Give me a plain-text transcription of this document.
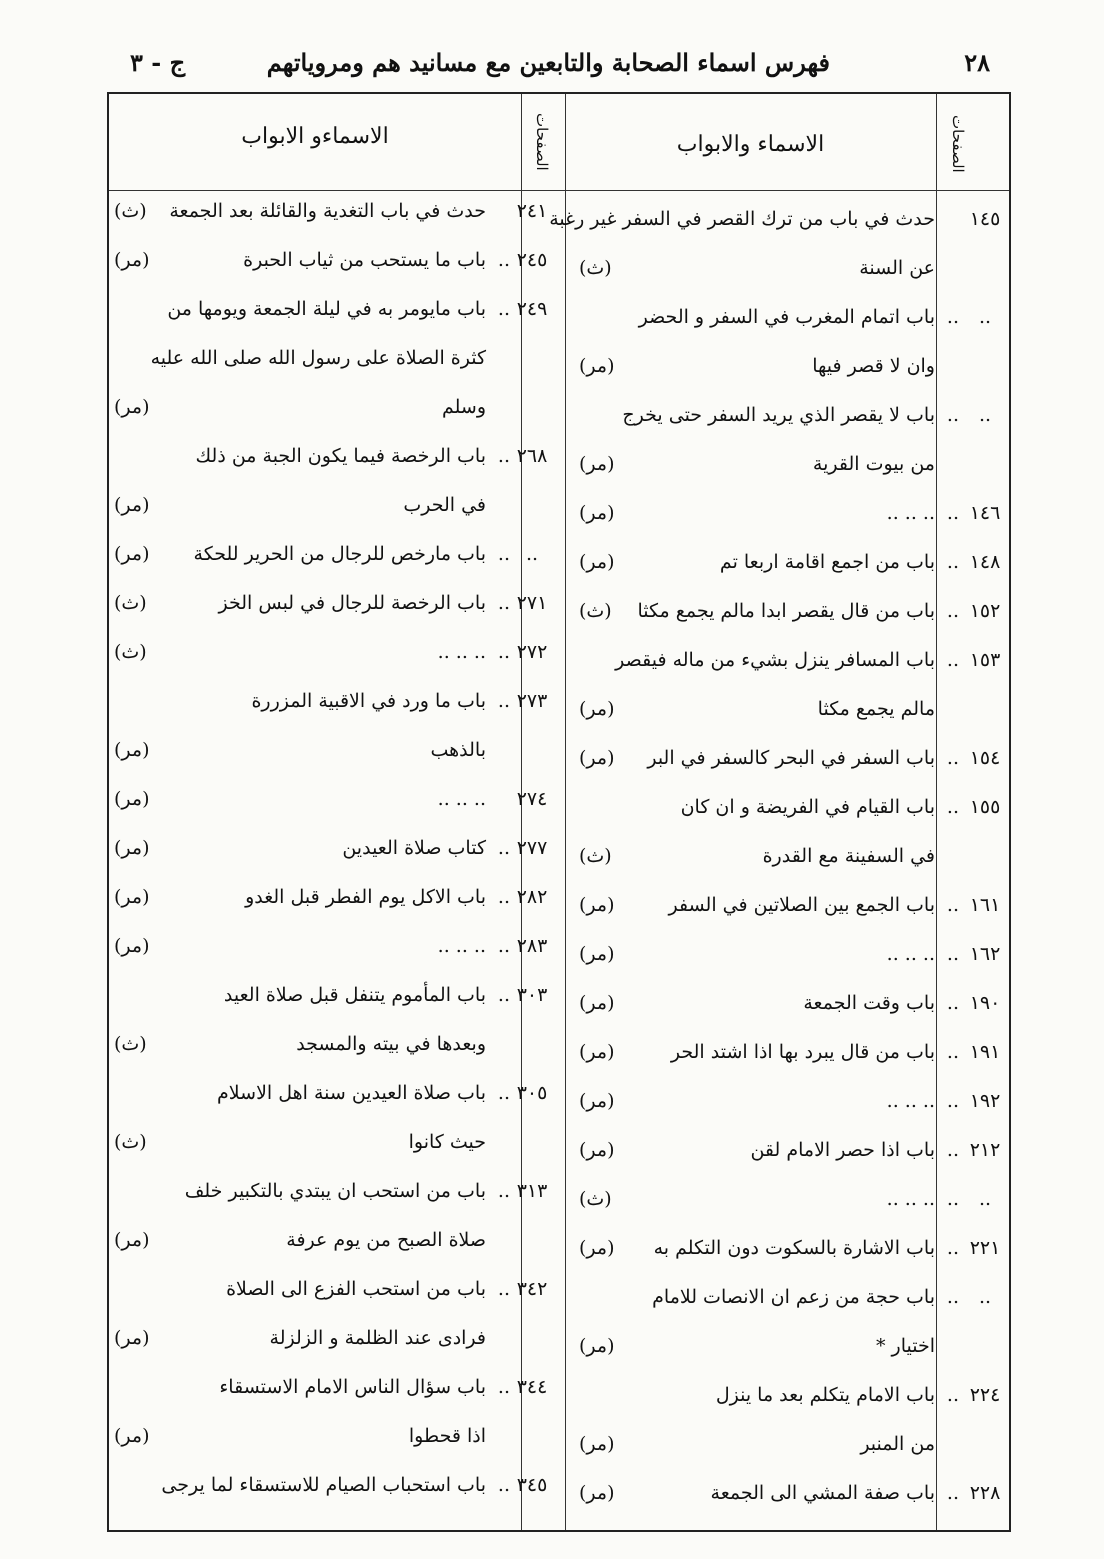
٢٨
فهرس اسماء الصحابة والتابعين مع مسانيد هم ومروياتهم
ج - ٣
الاسماء والابواب
الاسماءو الابواب	الصفحات
الصفحات
١٤٥
حدث في باب من ترك القصر في السفر غير رغبة
عن السنة
(ث)
..
..
باب اتمام المغرب في السفر و الحضر
وان لا قصر فيها
(مر)
..
..
باب لا يقصر الذي يريد السفر حتى يخرج
من بيوت القرية
(مر)
١٤٦
..
.. .. ..
(مر)
١٤٨
..
باب من اجمع اقامة اربعا تم
(مر)
١٥٢
..
باب من قال يقصر ابدا مالم يجمع مكثا
(ث)
١٥٣
..
باب المسافر ينزل بشيء من ماله فيقصر
مالم يجمع مكثا
(مر)
١٥٤
..
باب السفر في البحر كالسفر في البر
(مر)
١٥٥
..
باب القيام في الفريضة و ان كان
في السفينة مع القدرة
(ث)
١٦١
..
باب الجمع بين الصلاتين في السفر
(مر)
١٦٢
..
.. .. ..
(مر)
١٩٠
..
باب وقت الجمعة
(مر)
١٩١
..
باب من قال يبرد بها اذا اشتد الحر
(مر)
١٩٢
..
.. .. ..
(مر)
٢١٢
..
باب اذا حصر الامام لقن
(مر)
..
..
.. .. ..
(ث)
٢٢١
..
باب الاشارة بالسكوت دون التكلم به
(مر)
..
..
باب حجة من زعم ان الانصات للامام
اختيار *
(مر)
٢٢٤
..
باب الامام يتكلم بعد ما ينزل
من المنبر
(مر)
٢٢٨
..
باب صفة المشي الى الجمعة
(مر)
٢٤١
حدث في باب التغدية والقائلة بعد الجمعة
(ث)
٢٤٥
..
باب ما يستحب من ثياب الحبرة
(مر)
٢٤٩
..
باب مايومر به في ليلة الجمعة ويومها من
كثرة الصلاة على رسول الله صلى الله عليه
وسلم
(مر)
٢٦٨
..
باب الرخصة فيما يكون الجبة من ذلك
في الحرب
(مر)
..
..
باب مارخص للرجال من الحرير للحكة
(مر)
٢٧١
..
باب الرخصة للرجال في لبس الخز
(ث)
٢٧٢
..
.. .. ..
(ث)
٢٧٣
..
باب ما ورد في الاقبية المزررة
بالذهب
(مر)
٢٧٤
.. .. ..
(مر)
٢٧٧
..
كتاب صلاة العيدين
(مر)
٢٨٢
..
باب الاكل يوم الفطر قبل الغدو
(مر)
٢٨٣
..
.. .. ..
(مر)
٣٠٣
..
باب المأموم يتنفل قبل صلاة العيد
وبعدها في بيته والمسجد
(ث)
٣٠٥
..
باب صلاة العيدين سنة اهل الاسلام
حيث كانوا
(ث)
٣١٣
..
باب من استحب ان يبتدي بالتكبير خلف
صلاة الصبح من يوم عرفة
(مر)
٣٤٢
..
باب من استحب الفزع الى الصلاة
فرادى عند الظلمة و الزلزلة
(مر)
٣٤٤
..
باب سؤال الناس الامام الاستسقاء
اذا قحطوا
(مر)
٣٤٥
..
باب استحباب الصيام للاستسقاء لما يرجى
